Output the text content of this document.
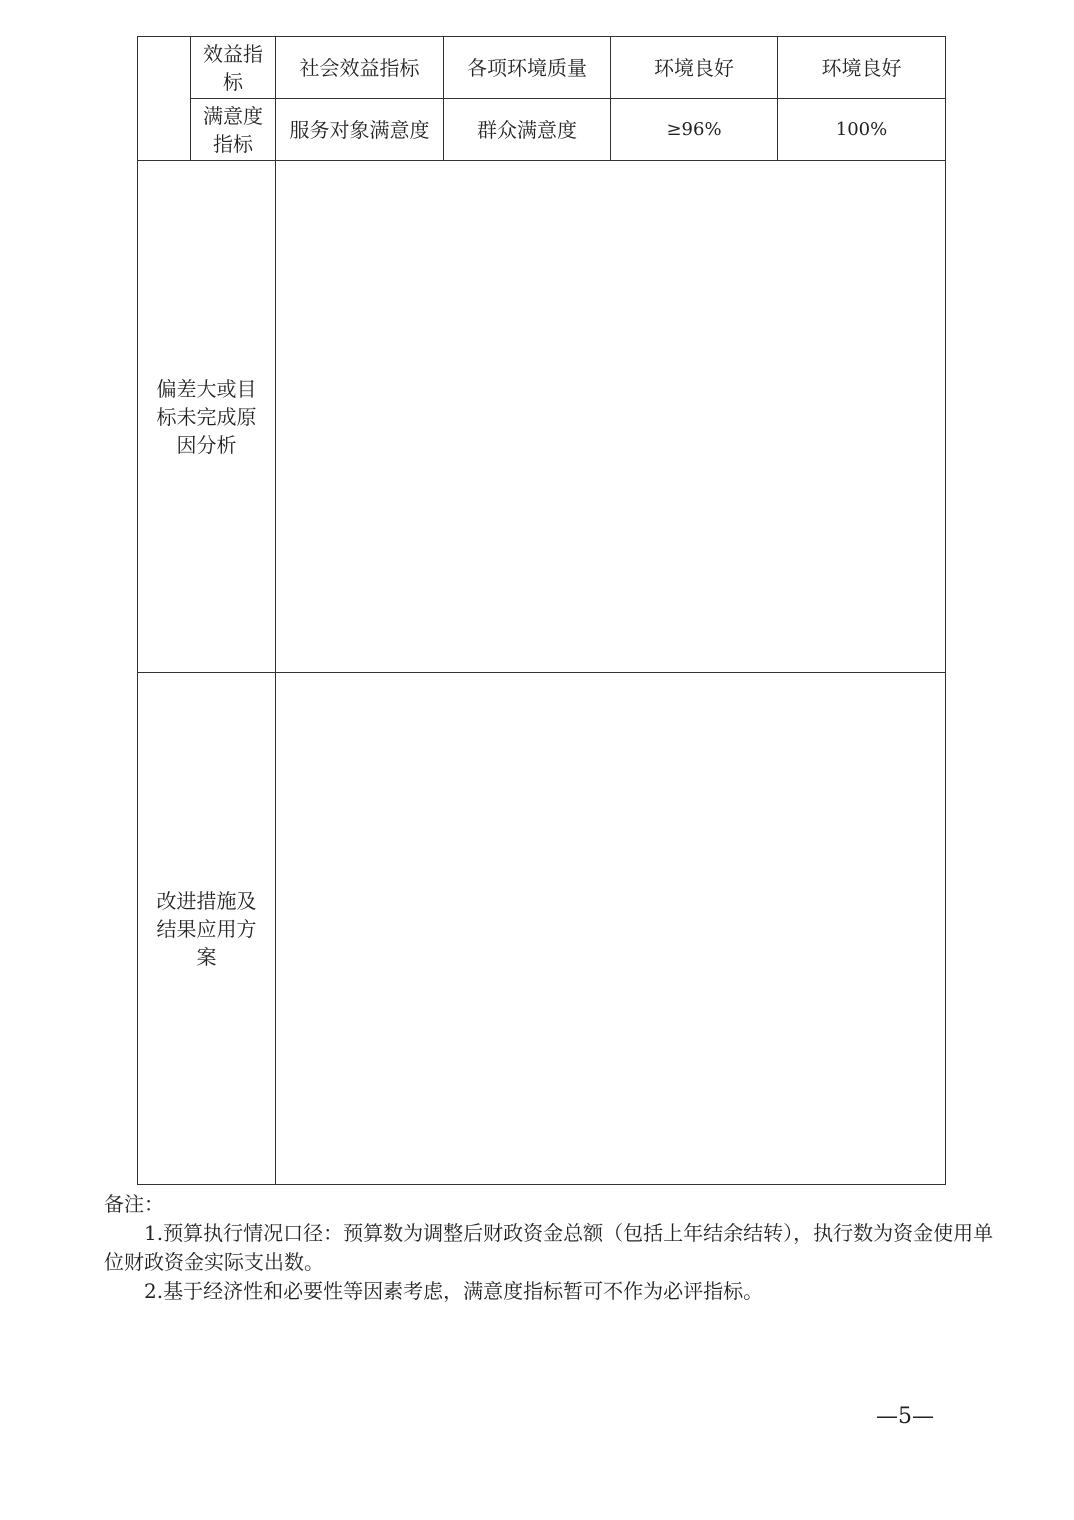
	效益指标	社会效益指标	各项环境质量	环境良好	环境良好
	满意度指标	服务对象满意度	群众满意度	≥96%	100%
偏差大或目标未完成原因分析					
改进措施及结果应用方案					

备注：

1.预算执行情况口径：预算数为调整后财政资金总额（包括上年结余结转），执行数为资金使用单位财政资金实际支出数。

2.基于经济性和必要性等因素考虑，满意度指标暂可不作为必评指标。

—5—
